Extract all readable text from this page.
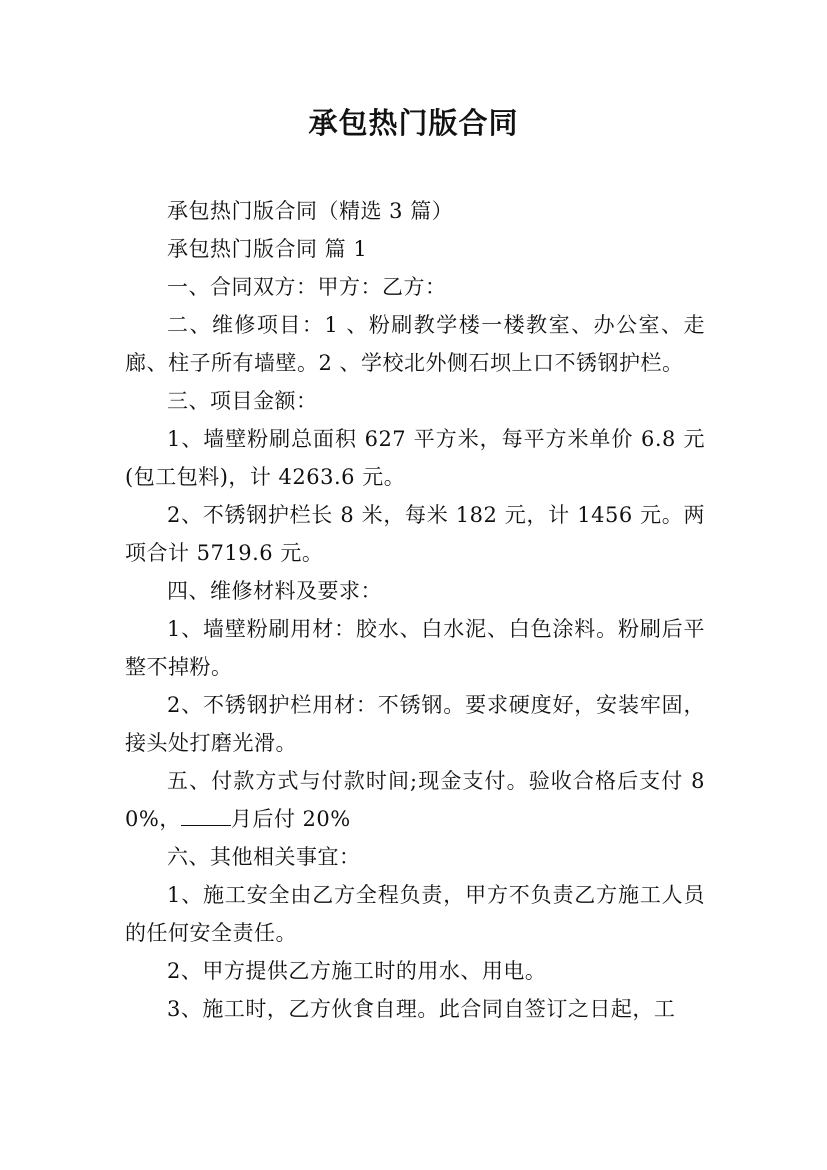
承包热门版合同

承包热门版合同（精选 3 篇）

承包热门版合同 篇 1

一、合同双方：甲方：乙方：

二、维修项目：1 、粉刷教学楼一楼教室、办公室、走廊、柱子所有墙壁。2 、学校北外侧石坝上口不锈钢护栏。

三、项目金额：

1、墙壁粉刷总面积 627 平方米，每平方米单价 6.8 元(包工包料)，计 4263.6 元。

2、不锈钢护栏长 8 米，每米 182 元，计 1456 元。两项合计 5719.6 元。

四、维修材料及要求：

1、墙壁粉刷用材：胶水、白水泥、白色涂料。粉刷后平整不掉粉。

2、不锈钢护栏用材：不锈钢。要求硬度好，安装牢固，接头处打磨光滑。

五、付款方式与付款时间;现金支付。验收合格后支付 80%， 月后付 20%

六、其他相关事宜：

1、施工安全由乙方全程负责，甲方不负责乙方施工人员的任何安全责任。

2、甲方提供乙方施工时的用水、用电。

3、施工时，乙方伙食自理。此合同自签订之日起，工
